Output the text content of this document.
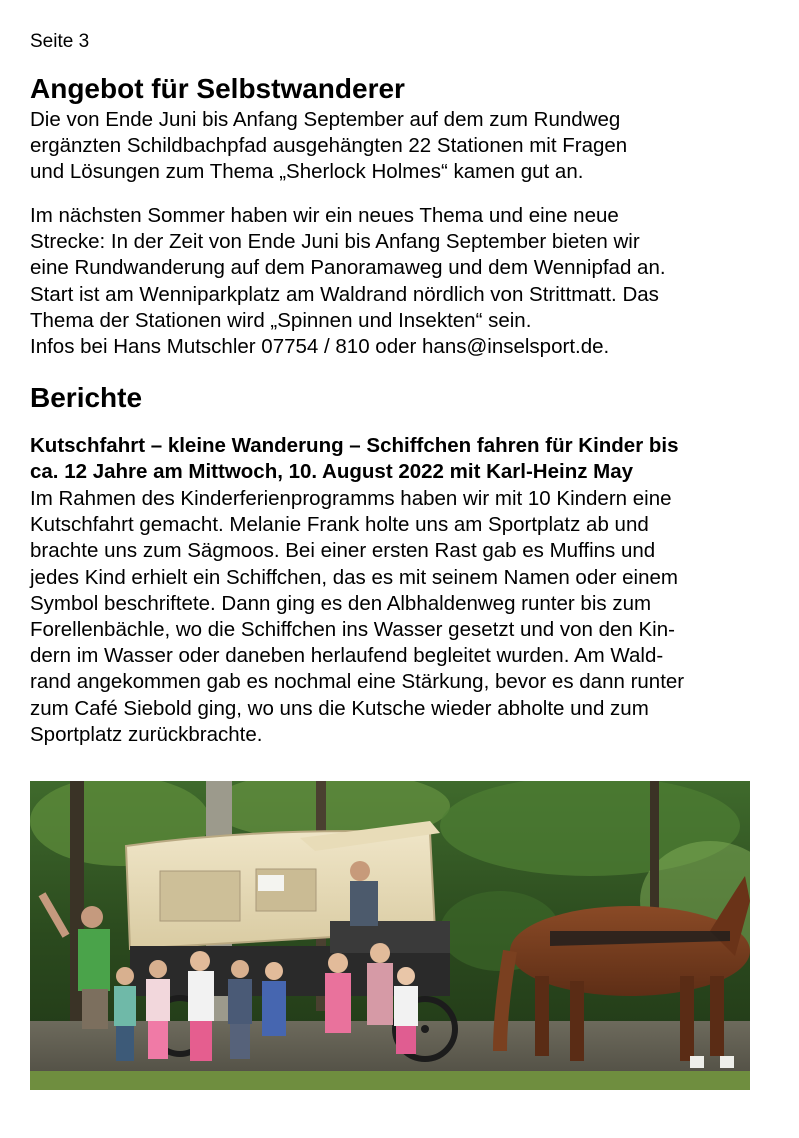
Seite 3

Angebot für Selbstwanderer
Die von Ende Juni bis Anfang September auf dem zum Rundweg
ergänzten Schildbachpfad ausgehängten 22 Stationen mit Fragen
und Lösungen zum Thema „Sherlock Holmes“ kamen gut an.
Im nächsten Sommer haben wir ein neues Thema und eine neue
Strecke: In der Zeit von Ende Juni bis Anfang September bieten wir
eine Rundwanderung auf dem Panoramaweg und dem Wennipfad an.
Start ist am Wenniparkplatz am Waldrand nördlich von Strittmatt. Das
Thema der Stationen wird „Spinnen und Insekten“ sein.
Infos bei Hans Mutschler 07754 / 810 oder hans@inselsport.de.
Berichte
Kutschfahrt – kleine Wanderung – Schiffchen fahren für Kinder bis
ca. 12 Jahre am Mittwoch, 10. August 2022 mit Karl-Heinz May
Im Rahmen des Kinderferienprogramms haben wir mit 10 Kindern eine
Kutschfahrt gemacht. Melanie Frank holte uns am Sportplatz ab und
brachte uns zum Sägmoos. Bei einer ersten Rast gab es Muffins und
jedes Kind erhielt ein Schiffchen, das es mit seinem Namen oder einem
Symbol beschriftete. Dann ging es den Albhaldenweg runter bis zum
Forellenbächle, wo die Schiffchen ins Wasser gesetzt und von den Kin-
dern im Wasser oder daneben herlaufend begleitet wurden. Am Wald-
rand angekommen gab es nochmal eine Stärkung, bevor es dann runter
zum Café Siebold ging, wo uns die Kutsche wieder abholte und zum
Sportplatz zurückbrachte.
